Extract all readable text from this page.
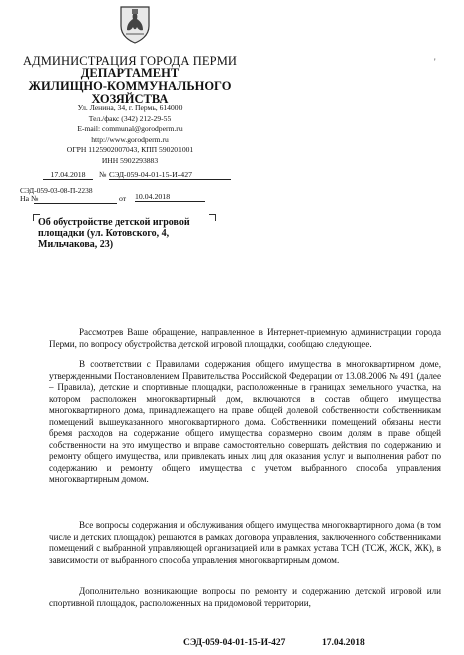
АДМИНИСТРАЦИЯ ГОРОДА ПЕРМИ
ДЕПАРТАМЕНТ
ЖИЛИЩНО-КОММУНАЛЬНОГО
ХОЗЯЙСТВА
Ул. Ленина, 34, г. Пермь, 614000
Тел./факс (342) 212-29-55
E-mail: communal@gorodperm.ru
http://www.gorodperm.ru
ОГРН 1125902007043, КПП 590201001
ИНН 5902293883
'
17.04.2018	№ СЭД-059-04-01-15-И-427
СЭД-059-03-08-П-2238
На №	от 10.04.2018
Об обустройстве детской игровой площадки (ул. Котовского, 4, Мильчакова, 23)
Рассмотрев Ваше обращение, направленное в Интернет-приемную администрации города Перми, по вопросу обустройства детской игровой площадки, сообщаю следующее.
В соответствии с Правилами содержания общего имущества в многоквартирном доме, утвержденными Постановлением Правительства Российской Федерации от 13.08.2006 № 491 (далее – Правила), детские и спортивные площадки, расположенные в границах земельного участка, на котором расположен многоквартирный дом, включаются в состав общего имущества многоквартирного дома, принадлежащего на праве общей долевой собственности собственникам помещений вышеуказанного многоквартирного дома. Собственники помещений обязаны нести бремя расходов на содержание общего имущества соразмерно своим долям в праве общей собственности на это имущество и вправе самостоятельно совершать действия по содержанию и ремонту общего имущества, или привлекать иных лиц для оказания услуг и выполнения работ по содержанию и ремонту общего имущества с учетом выбранного способа управления многоквартирным домом.
Все вопросы содержания и обслуживания общего имущества многоквартирного дома (в том числе и детских площадок) решаются в рамках договора управления, заключенного собственниками помещений с выбранной управляющей организацией или в рамках устава ТСН (ТСЖ, ЖСК, ЖК), в зависимости от выбранного способа управления многоквартирным домом.
Дополнительно возникающие вопросы по ремонту и содержанию детской игровой или спортивной площадок, расположенных на придомовой территории,
СЭД-059-04-01-15-И-427	17.04.2018
